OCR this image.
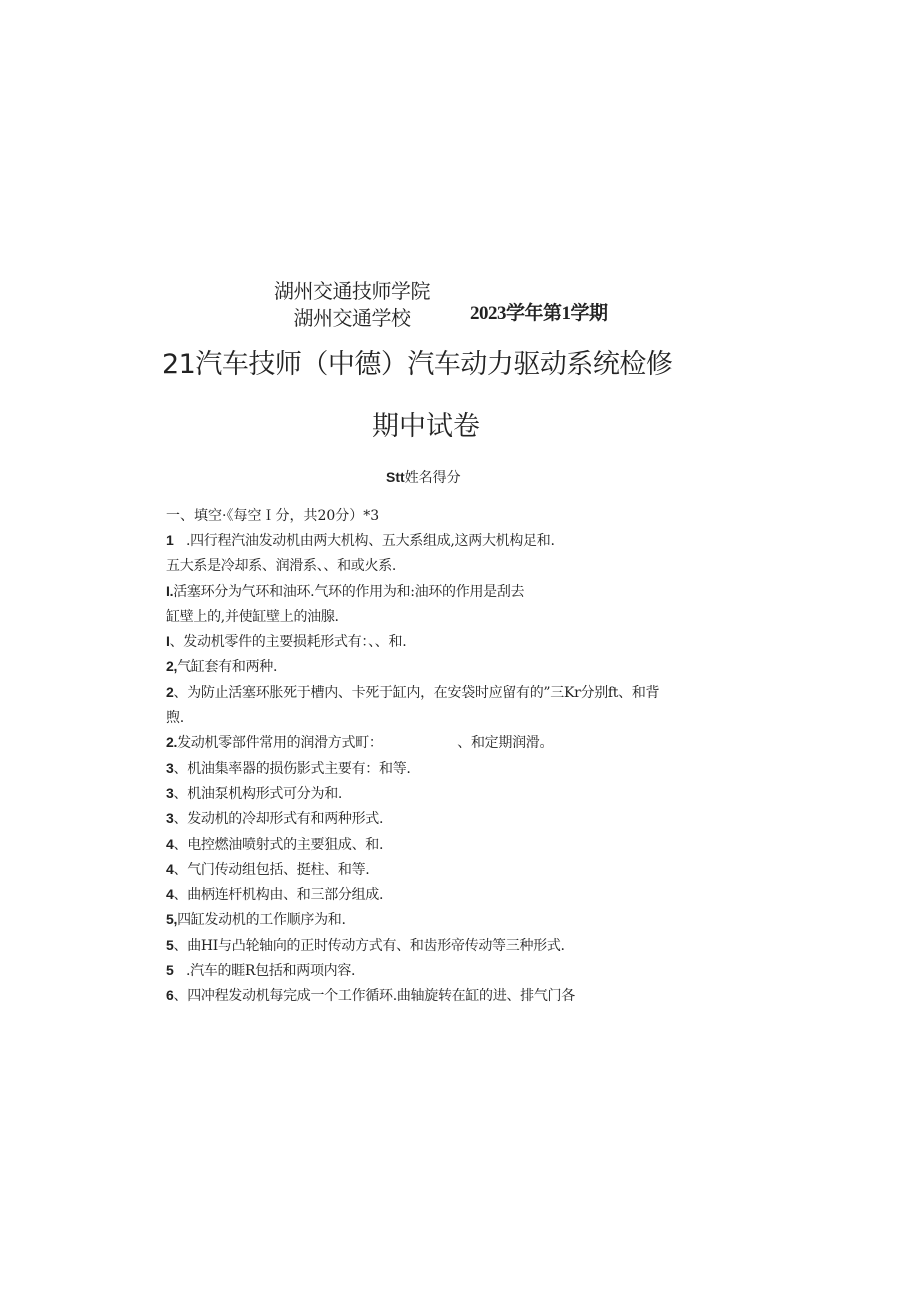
湖州交通技师学院
湖州交通学校	2023学年第1学期
21汽车技师（中德）汽车动力驱动系统检修
期中试卷
Stt姓名得分
一、填空·《每空Ｉ分，共20分）*3
1   .四行程汽油发动机由两大机构、五大系组成,这两大机构足和.
五大系是冷却系、润滑系、、和或火系.
I.活塞环分为气环和油环.气环的作用为和:油环的作用是刮去
缸壁上的,并使缸壁上的油腺.
I、发动机零件的主要损耗形式有：、、和.
2,气缸套有和两种.
2、为防止活塞环胀死于槽内、卡死于缸内，在安袋时应留有的”三Kr分别ft、和背
煦.
2.发动机零部件常用的润滑方式町：                  、和定期润滑。
3、机油集率器的损伤影式主要有：和等.
3、机油泵机构形式可分为和.
3、发动机的冷却形式有和两种形式.
4、电控燃油喷射式的主要狙成、和.
4、气门传动组包括、挺柱、和等.
4、曲柄连杆机构由、和三部分组成.
5,四缸发动机的工作顺序为和.
5、曲HI与凸轮轴向的正时传动方式有、和齿形帝传动等三种形式.
5   .汽车的睚R包括和两项内容.
6、四冲程发动机每完成一个工作循环.曲轴旋转在缸的进、排气门各
